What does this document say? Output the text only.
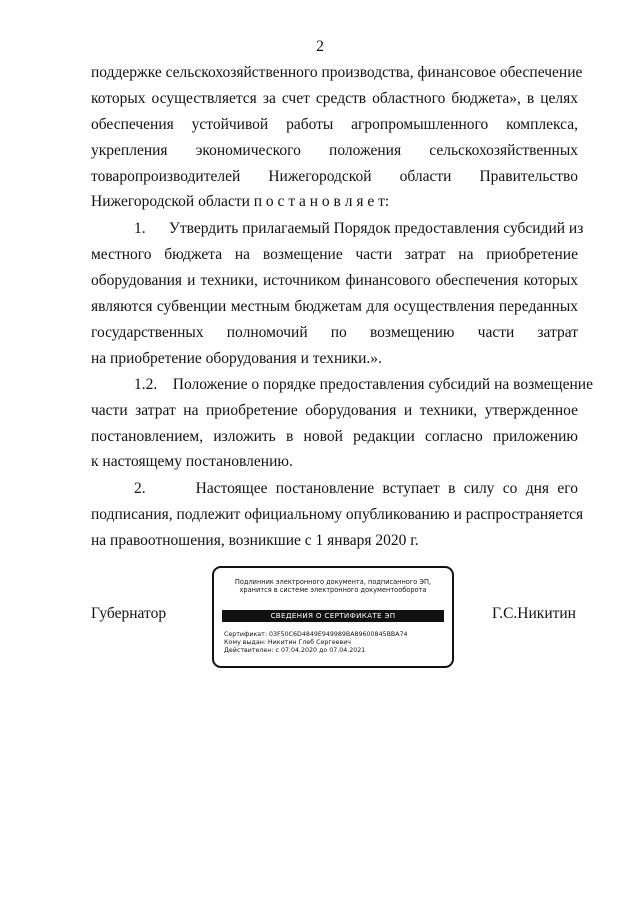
2
поддержке сельскохозяйственного производства, финансовое обеспечение
которых осуществляется за счет средств областного бюджета», в целях
обеспечения устойчивой работы агропромышленного комплекса,
укрепления экономического положения сельскохозяйственных
товаропроизводителей Нижегородской области Правительство
Нижегородской области п о с т а н о в л я е т:
1.      Утвердить прилагаемый Порядок предоставления субсидий из
местного бюджета на возмещение части затрат на приобретение
оборудования и техники, источником финансового обеспечения которых
являются субвенции местным бюджетам для осуществления переданных
государственных полномочий по возмещению части затрат
на приобретение оборудования и техники.».
1.2.    Положение о порядке предоставления субсидий на возмещение
части затрат на приобретение оборудования и техники, утвержденное
постановлением, изложить в новой редакции согласно приложению
к настоящему постановлению.
2.      Настоящее постановление вступает в силу со дня его
подписания, подлежит официальному опубликованию и распространяется
на правоотношения, возникшие с 1 января 2020 г.
Губернатор	Г.С.Никитин
Подлинник электронного документа, подписанного ЭП,
хранится в системе электронного документооборота
СВЕДЕНИЯ О СЕРТИФИКАТЕ ЭП
Сертификат: 03F50C6D4849E949989BA89600845BBA74
Кому выдан: Никитин Глеб Сергеевич
Действителен: с 07.04.2020 до 07.04.2021
